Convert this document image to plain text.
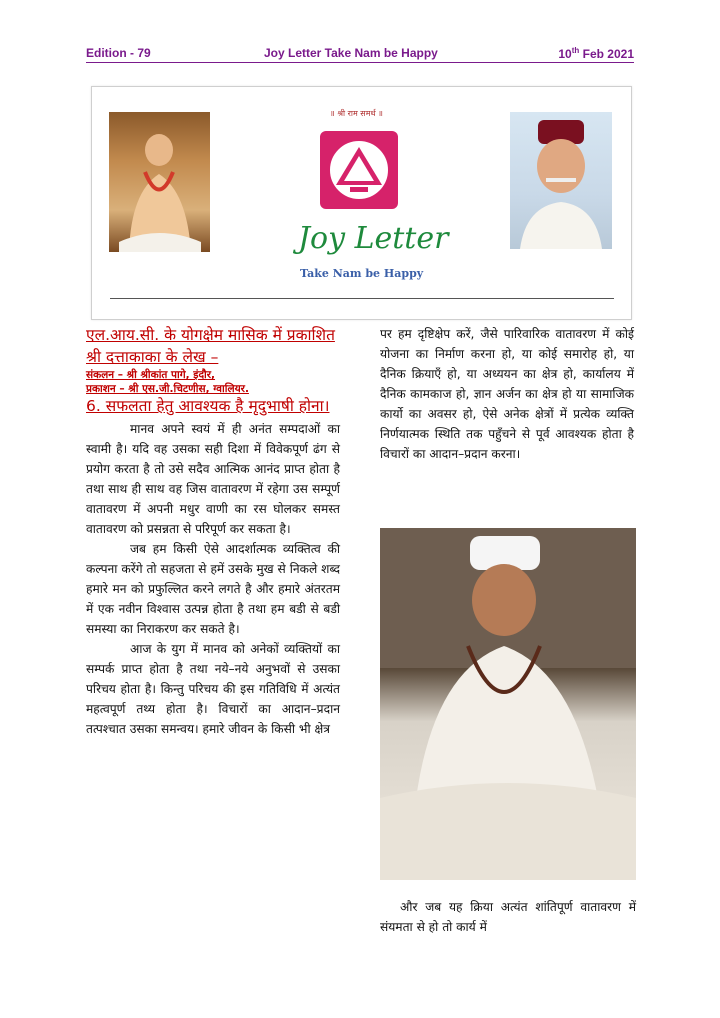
Edition - 79	Joy Letter Take Nam be Happy	10th Feb 2021
॥ श्री राम समर्थ ॥
Joy Letter
Take Nam be Happy

एल.आय.सी. के योगक्षेम मासिक में प्रकाशित श्री दत्ताकाका के लेख –

संकलन – श्री श्रीकांत पागे, इंदौर,

प्रकाशन – श्री एस.जी.चिटणीस, ग्वालियर.

6. सफलता हेतु आवश्यक है मृदुभाषी होना।

मानव अपने स्वयं में ही अनंत सम्पदाओं का स्वामी है। यदि वह उसका सही दिशा में विवेकपूर्ण ढंग से प्रयोग करता है तो उसे सदैव आत्मिक आनंद प्राप्त होता है तथा साथ ही साथ वह जिस वातावरण में रहेगा उस सम्पूर्ण वातावरण में अपनी मधुर वाणी का रस घोलकर समस्त वातावरण को प्रसन्नता से परिपूर्ण कर सकता है।

जब हम किसी ऐसे आदर्शात्मक व्यक्तित्व की कल्पना करेंगे तो सहजता से हमें उसके मुख से निकले शब्द हमारे मन को प्रफुल्लित करने लगते है और हमारे अंतरतम में एक नवीन विश्वास उत्पन्न होता है तथा हम बडी से बडी समस्या का निराकरण कर सकते है।

आज के युग में मानव को अनेकों व्यक्तियों का सम्पर्क प्राप्त होता है तथा नये–नये अनुभवों से उसका परिचय होता है। किन्तु परिचय की इस गतिविधि में अत्यंत महत्वपूर्ण तथ्य होता है। विचारों का आदान–प्रदान तत्पश्चात उसका समन्वय। हमारे जीवन के किसी भी क्षेत्र

पर हम दृष्टिक्षेप करें, जैसे पारिवारिक वातावरण में कोई योजना का निर्माण करना हो, या कोई समारोह हो, या दैनिक क्रियाऍं हो, या अध्ययन का क्षेत्र हो, कार्यालय में दैनिक कामकाज हो, ज्ञान अर्जन का क्षेत्र हो या सामाजिक कार्यो का अवसर हो, ऐसे अनेक क्षेत्रों में प्रत्येक व्यक्ति निर्णयात्मक स्थिति तक पहुँचने से पूर्व आवश्यक होता है विचारों का आदान–प्रदान करना।

और जब यह क्रिया अत्यंत शांतिपूर्ण वातावरण में संयमता से हो तो कार्य में
